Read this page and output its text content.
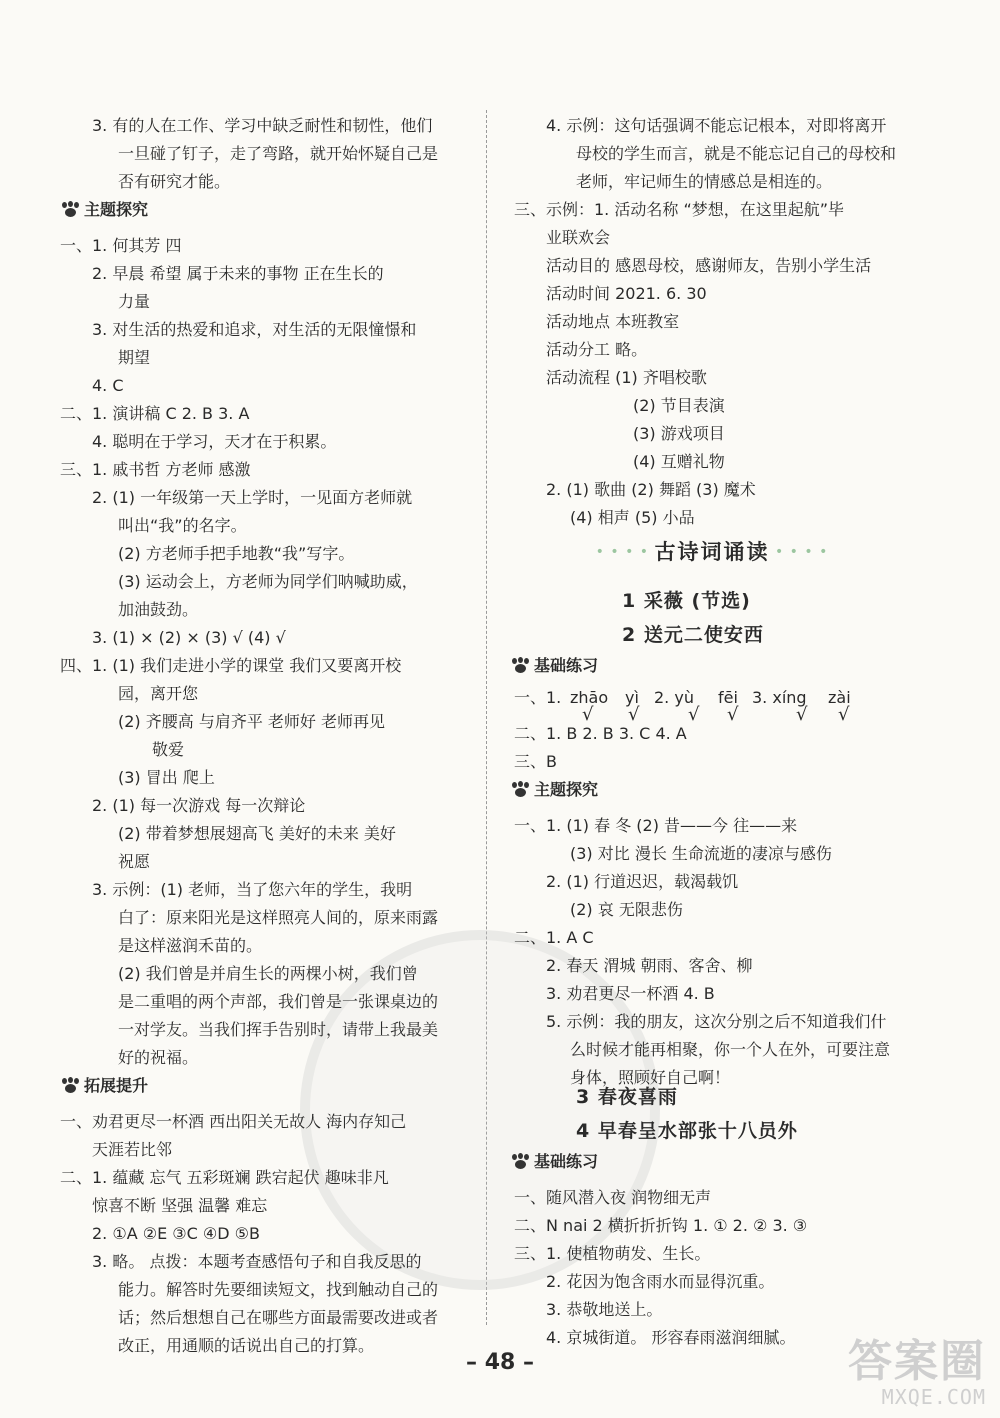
• • • • 古诗词诵读 • • • •
– 48 –	答案圈
MXQE.COM
3. 有的人在工作、学习中缺乏耐性和韧性，他们
一旦碰了钉子，走了弯路，就开始怀疑自己是
否有研究才能。
一、1. 何其芳 四
2. 早晨 希望 属于未来的事物 正在生长的
力量
3. 对生活的热爱和追求，对生活的无限憧憬和
期望
4. C
二、1. 演讲稿 C 2. B 3. A
4. 聪明在于学习，天才在于积累。
三、1. 戚书哲 方老师 感激
2. (1) 一年级第一天上学时，一见面方老师就
叫出“我”的名字。
(2) 方老师手把手地教“我”写字。
(3) 运动会上，方老师为同学们呐喊助威，
加油鼓劲。
3. (1) × (2) × (3) √ (4) √
四、1. (1) 我们走进小学的课堂 我们又要离开校
园，离开您
(2) 齐腰高 与肩齐平 老师好 老师再见
敬爱
(3) 冒出 爬上
2. (1) 每一次游戏 每一次辩论
(2) 带着梦想展翅高飞 美好的未来 美好
祝愿
3. 示例：(1) 老师，当了您六年的学生，我明
白了：原来阳光是这样照亮人间的，原来雨露
是这样滋润禾苗的。
(2) 我们曾是并肩生长的两棵小树，我们曾
是二重唱的两个声部，我们曾是一张课桌边的
一对学友。当我们挥手告别时，请带上我最美
好的祝福。
一、劝君更尽一杯酒 西出阳关无故人 海内存知己
天涯若比邻
二、1. 蕴藏 忘气 五彩斑斓 跌宕起伏 趣味非凡
惊喜不断 坚强 温馨 难忘
2. ①A ②E ③C ④D ⑤B
3. 略。 点拨：本题考查感悟句子和自我反思的
能力。解答时先要细读短文，找到触动自己的
话；然后想想自己在哪些方面最需要改进或者
改正，用通顺的话说出自己的打算。
主题探究
拓展提升
4. 示例：这句话强调不能忘记根本，对即将离开
母校的学生而言，就是不能忘记自己的母校和
老师，牢记师生的情感总是相连的。
三、示例：1. 活动名称 “梦想，在这里起航”毕
业联欢会
活动目的 感恩母校，感谢师友，告别小学生活
活动时间 2021. 6. 30
活动地点 本班教室
活动分工 略。
活动流程 (1) 齐唱校歌
(2) 节目表演
(3) 游戏项目
(4) 互赠礼物
2. (1) 歌曲 (2) 舞蹈 (3) 魔术
(4) 相声 (5) 小品
二、1. B 2. B 3. C 4. A
三、B
一、1. (1) 春 冬 (2) 昔——今 往——来
(3) 对比 漫长 生命流逝的凄凉与感伤
2. (1) 行道迟迟，载渴载饥
(2) 哀 无限悲伤
二、1. A C
2. 春天 渭城 朝雨、客舍、柳
3. 劝君更尽一杯酒 4. B
5. 示例：我的朋友，这次分别之后不知道我们什
么时候才能再相聚，你一个人在外，可要注意
身体，照顾好自己啊！
一、随风潜入夜 润物细无声
二、N nai 2 横折折折钩 1. ① 2. ② 3. ③
三、1. 使植物萌发、生长。
2. 花因为饱含雨水而显得沉重。
3. 恭敬地送上。
4. 京城街道。 形容春雨滋润细腻。
基础练习
主题探究
基础练习
1 采薇 (节选)
2 送元二使安西
3 春夜喜雨
4 早春呈水部张十八员外
一、1. zhāo
√
yì
√
2. yù
√
fēi
√
3. xíng
√
zài
√
